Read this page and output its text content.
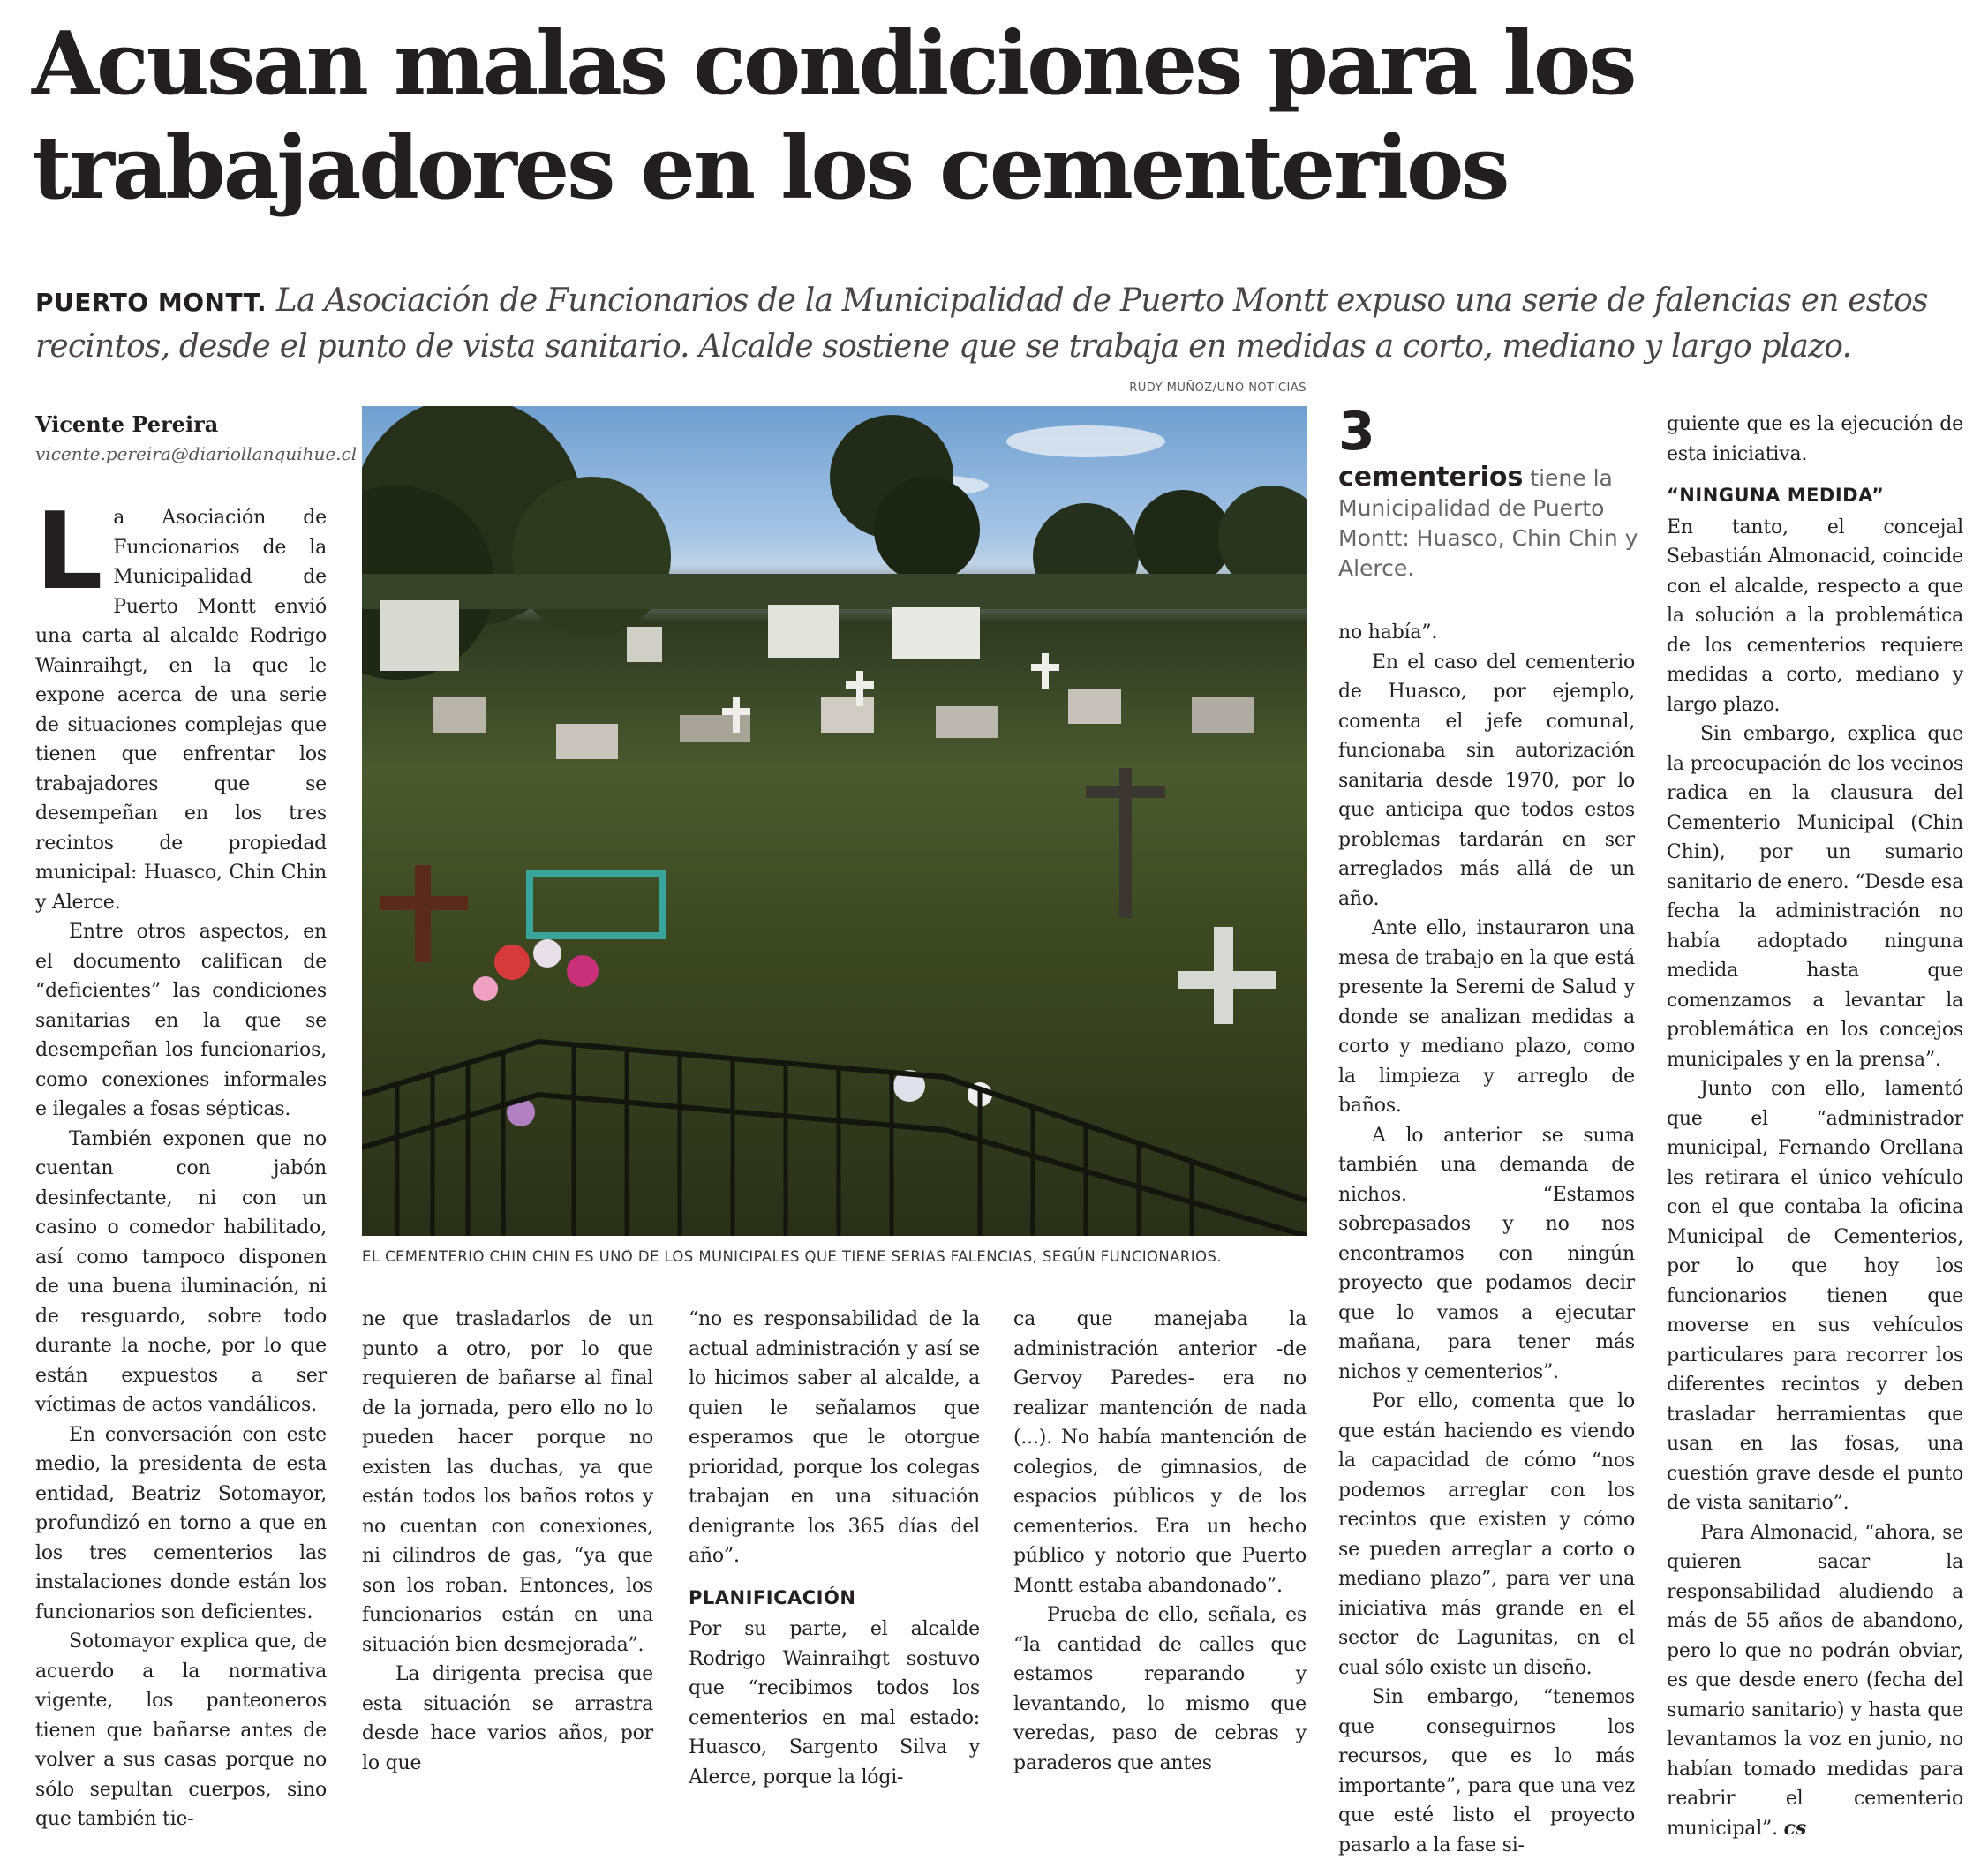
Acusan malas condiciones para los
trabajadores en los cementerios

PUERTO MONTT. La Asociación de Funcionarios de la Municipalidad de Puerto Montt expuso una serie de falencias en estos recintos, desde el punto de vista sanitario. Alcalde sostiene que se trabaja en medidas a corto, mediano y largo plazo.

Vicente Pereira
vicente.pereira@diariollanquihue.cl
RUDY MUÑOZ/UNO NOTICIAS
EL CEMENTERIO CHIN CHIN ES UNO DE LOS MUNICIPALES QUE TIENE SERIAS FALENCIAS, SEGÚN FUNCIONARIOS.
3
cementerios tiene la Municipalidad de Puerto Montt: Huasco, Chin Chin y Alerce.

La Asociación de Funcionarios de la Municipalidad de Puerto Montt envió una carta al alcalde Rodrigo Wainraihgt, en la que le expone acerca de una serie de situaciones complejas que tienen que enfrentar los trabajadores que se desempeñan en los tres recintos de propiedad municipal: Huasco, Chin Chin y Alerce.

Entre otros aspectos, en el documento califican de “deficientes” las condiciones sanitarias en la que se desempeñan los funcionarios, como conexiones informales e ilegales a fosas sépticas.

También exponen que no cuentan con jabón desinfectante, ni con un casino o comedor habilitado, así como tampoco disponen de una buena iluminación, ni de resguardo, sobre todo durante la noche, por lo que están expuestos a ser víctimas de actos vandálicos.

En conversación con este medio, la presidenta de esta entidad, Beatriz Sotomayor, profundizó en torno a que en los tres cementerios las instalaciones donde están los funcionarios son deficientes.

Sotomayor explica que, de acuerdo a la normativa vigente, los panteoneros tienen que bañarse antes de volver a sus casas porque no sólo sepultan cuerpos, sino que también tie-

ne que trasladarlos de un punto a otro, por lo que requieren de bañarse al final de la jornada, pero ello no lo pueden hacer porque no existen las duchas, ya que están todos los baños rotos y no cuentan con conexiones, ni cilindros de gas, “ya que son los roban. Entonces, los funcionarios están en una situación bien desmejorada”.

La dirigenta precisa que esta situación se arrastra desde hace varios años, por lo que

“no es responsabilidad de la actual administración y así se lo hicimos saber al alcalde, a quien le señalamos que esperamos que le otorgue prioridad, porque los colegas trabajan en una situación denigrante los 365 días del año”.

PLANIFICACIÓN

Por su parte, el alcalde Rodrigo Wainraihgt sostuvo que “recibimos todos los cementerios en mal estado: Huasco, Sargento Silva y Alerce, porque la lógi-

ca que manejaba la administración anterior -de Gervoy Paredes- era no realizar mantención de nada (...). No había mantención de colegios, de gimnasios, de espacios públicos y de los cementerios. Era un hecho público y notorio que Puerto Montt estaba abandonado”.

Prueba de ello, señala, es “la cantidad de calles que estamos reparando y levantando, lo mismo que veredas, paso de cebras y paraderos que antes

no había”.

En el caso del cementerio de Huasco, por ejemplo, comenta el jefe comunal, funcionaba sin autorización sanitaria desde 1970, por lo que anticipa que todos estos problemas tardarán en ser arreglados más allá de un año.

Ante ello, instauraron una mesa de trabajo en la que está presente la Seremi de Salud y donde se analizan medidas a corto y mediano plazo, como la limpieza y arreglo de baños.

A lo anterior se suma también una demanda de nichos. “Estamos sobrepasados y no nos encontramos con ningún proyecto que podamos decir que lo vamos a ejecutar mañana, para tener más nichos y cementerios”.

Por ello, comenta que lo que están haciendo es viendo la capacidad de cómo “nos podemos arreglar con los recintos que existen y cómo se pueden arreglar a corto o mediano plazo”, para ver una iniciativa más grande en el sector de Lagunitas, en el cual sólo existe un diseño.

Sin embargo, “tenemos que conseguirnos los recursos, que es lo más importante”, para que una vez que esté listo el proyecto pasarlo a la fase si-

guiente que es la ejecución de esta iniciativa.

“NINGUNA MEDIDA”

En tanto, el concejal Sebastián Almonacid, coincide con el alcalde, respecto a que la solución a la problemática de los cementerios requiere medidas a corto, mediano y largo plazo.

Sin embargo, explica que la preocupación de los vecinos radica en la clausura del Cementerio Municipal (Chin Chin), por un sumario sanitario de enero. “Desde esa fecha la administración no había adoptado ninguna medida hasta que comenzamos a levantar la problemática en los concejos municipales y en la prensa”.

Junto con ello, lamentó que el “administrador municipal, Fernando Orellana les retirara el único vehículo con el que contaba la oficina Municipal de Cementerios, por lo que hoy los funcionarios tienen que moverse en sus vehículos particulares para recorrer los diferentes recintos y deben trasladar herramientas que usan en las fosas, una cuestión grave desde el punto de vista sanitario”.

Para Almonacid, “ahora, se quieren sacar la responsabilidad aludiendo a más de 55 años de abandono, pero lo que no podrán obviar, es que desde enero (fecha del sumario sanitario) y hasta que levantamos la voz en junio, no habían tomado medidas para reabrir el cementerio municipal”. cs
